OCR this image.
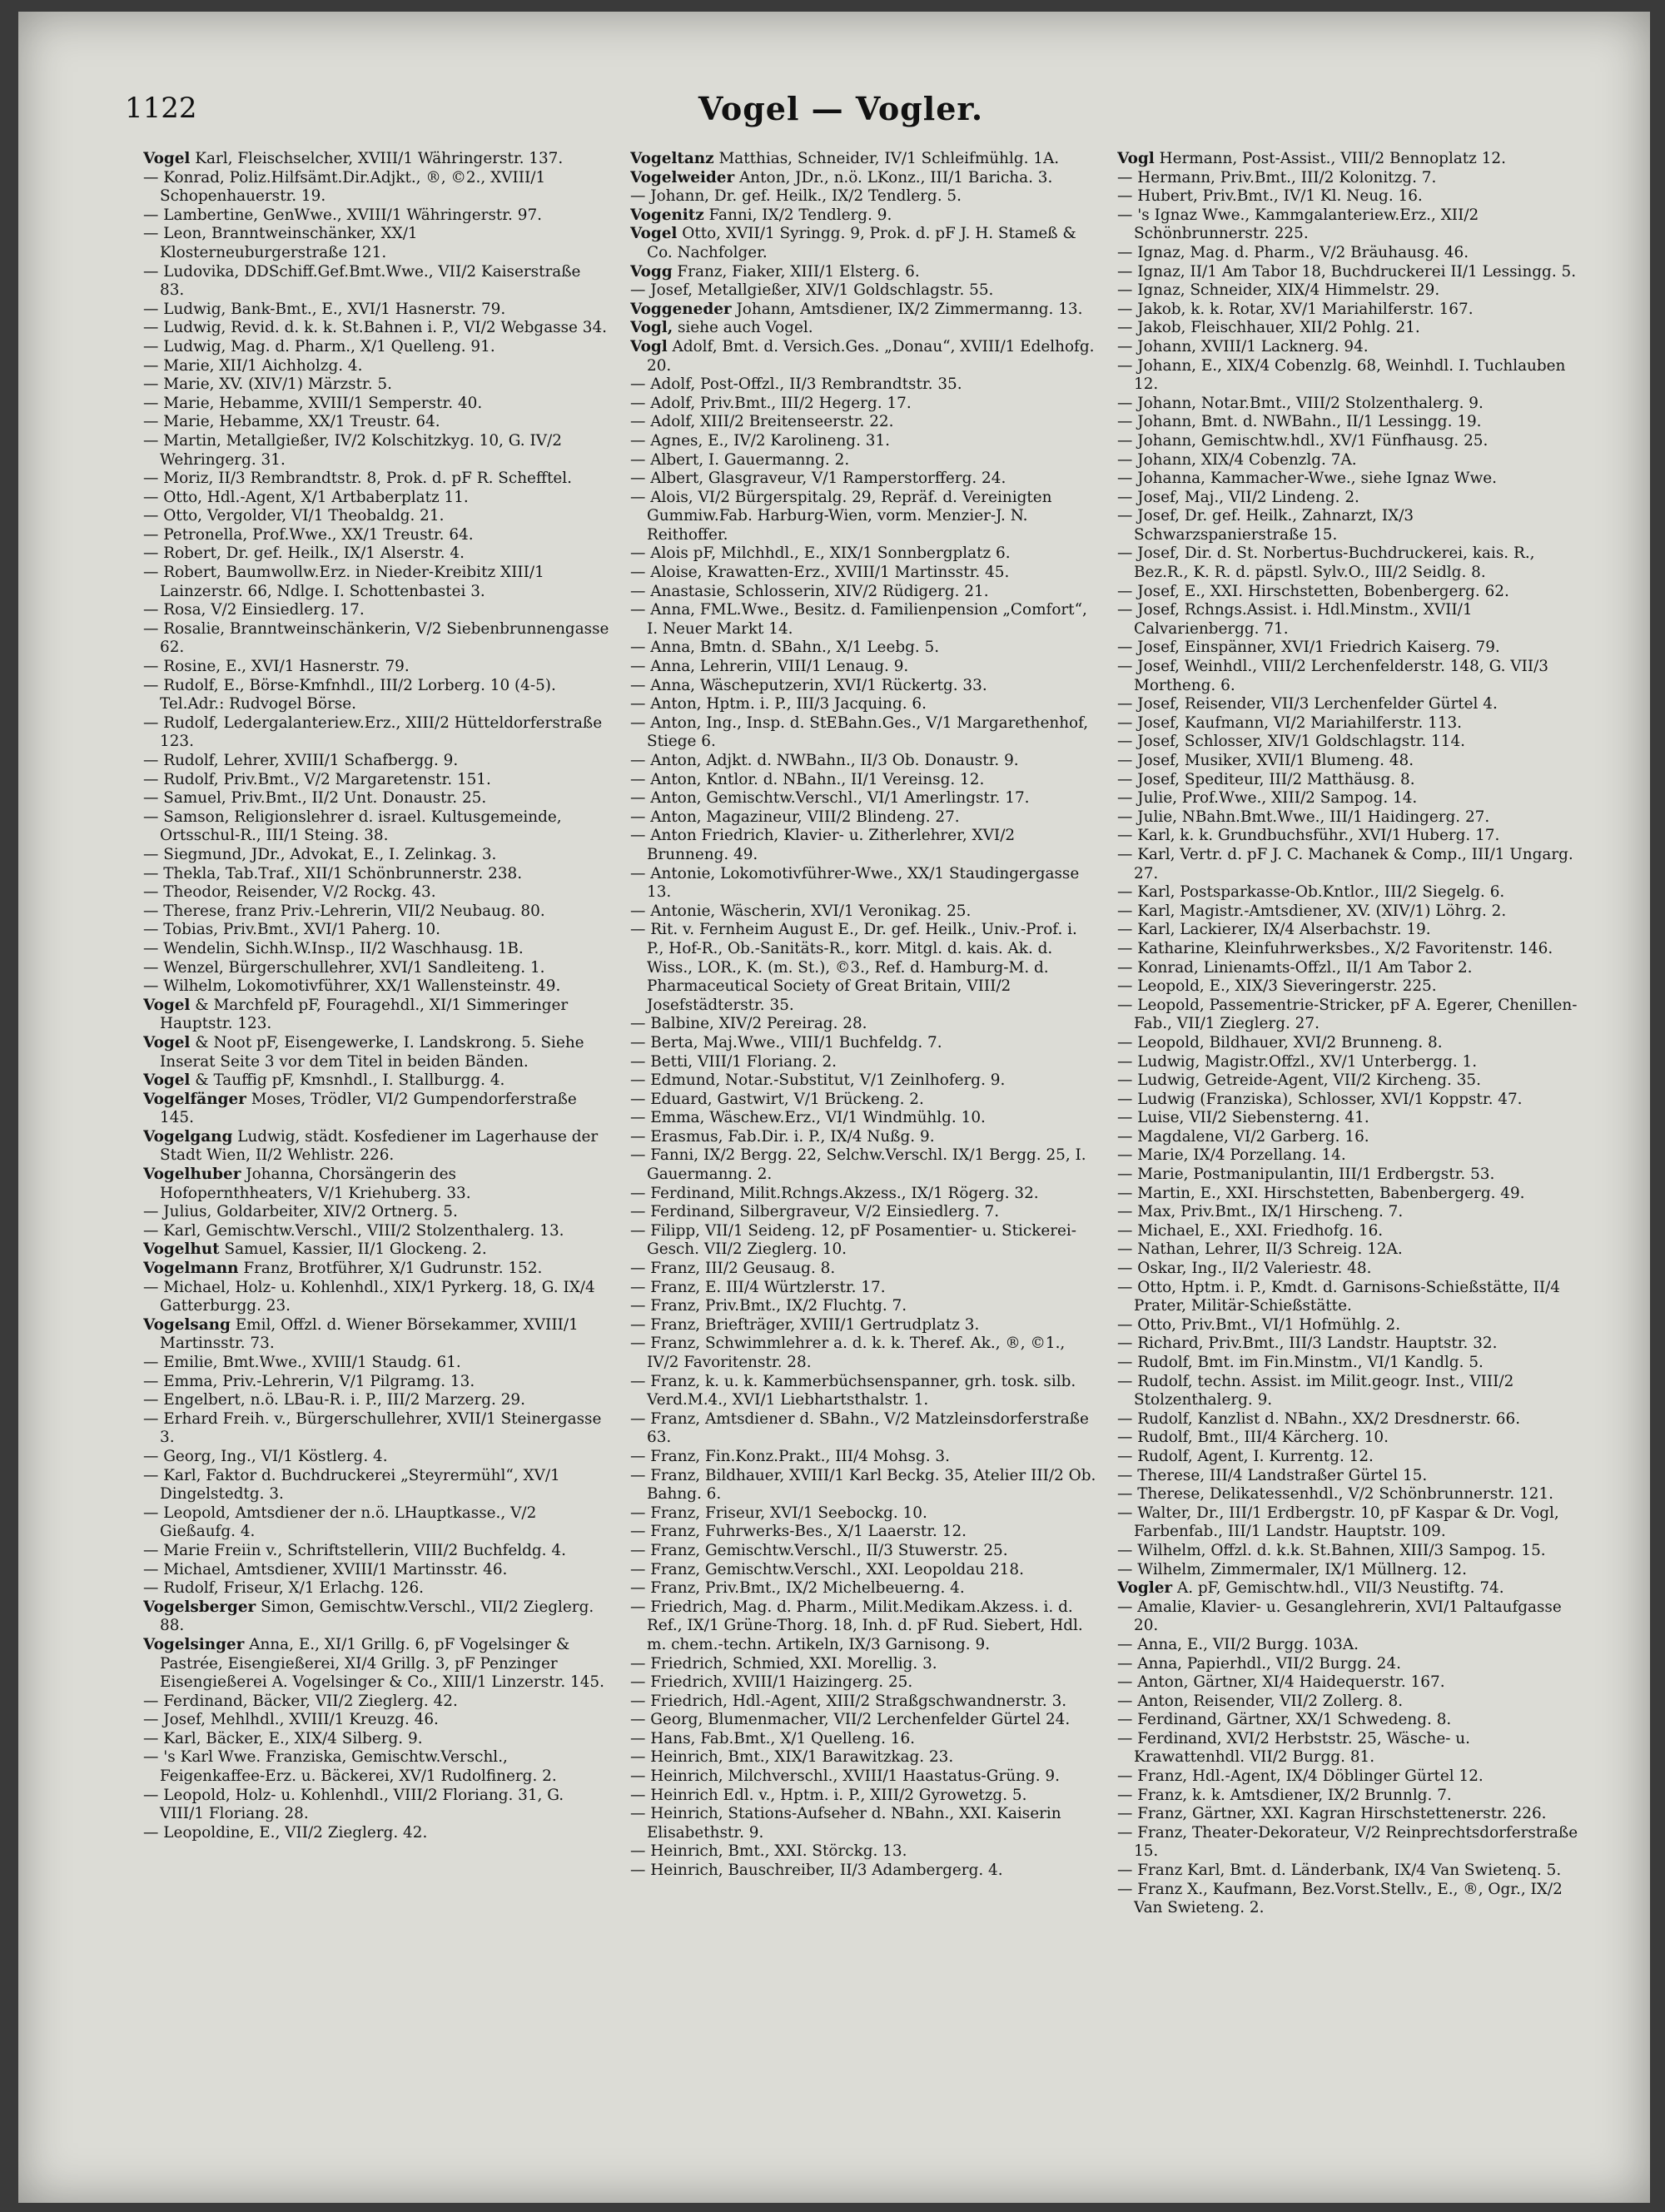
1122	Vogel — Vogler.
Vogel Karl, Fleischselcher, XVIII/1 Währingerstr. 137.
— Konrad, Poliz.Hilfsämt.Dir.Adjkt., ®, ©2., XVIII/1 Schopenhauerstr. 19.
— Lambertine, GenWwe., XVIII/1 Währingerstr. 97.
— Leon, Branntweinschänker, XX/1 Klosterneuburgerstraße 121.
— Ludovika, DDSchiff.Gef.Bmt.Wwe., VII/2 Kaiserstraße 83.
— Ludwig, Bank-Bmt., E., XVI/1 Hasnerstr. 79.
— Ludwig, Revid. d. k. k. St.Bahnen i. P., VI/2 Webgasse 34.
— Ludwig, Mag. d. Pharm., X/1 Quelleng. 91.
— Marie, XII/1 Aichholzg. 4.
— Marie, XV. (XIV/1) Märzstr. 5.
— Marie, Hebamme, XVIII/1 Semperstr. 40.
— Marie, Hebamme, XX/1 Treustr. 64.
— Martin, Metallgießer, IV/2 Kolschitzkyg. 10, G. IV/2 Wehringerg. 31.
— Moriz, II/3 Rembrandtstr. 8, Prok. d. pF R. Schefftel.
— Otto, Hdl.-Agent, X/1 Artbaberplatz 11.
— Otto, Vergolder, VI/1 Theobaldg. 21.
— Petronella, Prof.Wwe., XX/1 Treustr. 64.
— Robert, Dr. gef. Heilk., IX/1 Alserstr. 4.
— Robert, Baumwollw.Erz. in Nieder-Kreibitz XIII/1 Lainzerstr. 66, Ndlge. I. Schottenbastei 3.
— Rosa, V/2 Einsiedlerg. 17.
— Rosalie, Branntweinschänkerin, V/2 Siebenbrunnengasse 62.
— Rosine, E., XVI/1 Hasnerstr. 79.
— Rudolf, E., Börse-Kmfnhdl., III/2 Lorberg. 10 (4-5). Tel.Adr.: Rudvogel Börse.
— Rudolf, Ledergalanteriew.Erz., XIII/2 Hütteldorferstraße 123.
— Rudolf, Lehrer, XVIII/1 Schafbergg. 9.
— Rudolf, Priv.Bmt., V/2 Margaretenstr. 151.
— Samuel, Priv.Bmt., II/2 Unt. Donaustr. 25.
— Samson, Religionslehrer d. israel. Kultusgemeinde, Ortsschul-R., III/1 Steing. 38.
— Siegmund, JDr., Advokat, E., I. Zelinkag. 3.
— Thekla, Tab.Traf., XII/1 Schönbrunnerstr. 238.
— Theodor, Reisender, V/2 Rockg. 43.
— Therese, franz Priv.-Lehrerin, VII/2 Neubaug. 80.
— Tobias, Priv.Bmt., XVI/1 Paherg. 10.
— Wendelin, Sichh.W.Insp., II/2 Waschhausg. 1B.
— Wenzel, Bürgerschullehrer, XVI/1 Sandleiteng. 1.
— Wilhelm, Lokomotivführer, XX/1 Wallensteinstr. 49.
Vogel & Marchfeld pF, Fouragehdl., XI/1 Simmeringer Hauptstr. 123.
Vogel & Noot pF, Eisengewerke, I. Landskrong. 5. Siehe Inserat Seite 3 vor dem Titel in beiden Bänden.
Vogel & Tauffig pF, Kmsnhdl., I. Stallburgg. 4.
Vogelfänger Moses, Trödler, VI/2 Gumpendorferstraße 145.
Vogelgang Ludwig, städt. Kosfediener im Lagerhause der Stadt Wien, II/2 Wehlistr. 226.
Vogelhuber Johanna, Chorsängerin des Hofopernthheaters, V/1 Kriehuberg. 33.
— Julius, Goldarbeiter, XIV/2 Ortnerg. 5.
— Karl, Gemischtw.Verschl., VIII/2 Stolzenthalerg. 13.
Vogelhut Samuel, Kassier, II/1 Glockeng. 2.
Vogelmann Franz, Brotführer, X/1 Gudrunstr. 152.
— Michael, Holz- u. Kohlenhdl., XIX/1 Pyrkerg. 18, G. IX/4 Gatterburgg. 23.
Vogelsang Emil, Offzl. d. Wiener Börsekammer, XVIII/1 Martinsstr. 73.
— Emilie, Bmt.Wwe., XVIII/1 Staudg. 61.
— Emma, Priv.-Lehrerin, V/1 Pilgramg. 13.
— Engelbert, n.ö. LBau-R. i. P., III/2 Marzerg. 29.
— Erhard Freih. v., Bürgerschullehrer, XVII/1 Steinergasse 3.
— Georg, Ing., VI/1 Köstlerg. 4.
— Karl, Faktor d. Buchdruckerei „Steyrermühl“, XV/1 Dingelstedtg. 3.
— Leopold, Amtsdiener der n.ö. LHauptkasse., V/2 Gießaufg. 4.
— Marie Freiin v., Schriftstellerin, VIII/2 Buchfeldg. 4.
— Michael, Amtsdiener, XVIII/1 Martinsstr. 46.
— Rudolf, Friseur, X/1 Erlachg. 126.
Vogelsberger Simon, Gemischtw.Verschl., VII/2 Zieglerg. 88.
Vogelsinger Anna, E., XI/1 Grillg. 6, pF Vogelsinger & Pastrée, Eisengießerei, XI/4 Grillg. 3, pF Penzinger Eisengießerei A. Vogelsinger & Co., XIII/1 Linzerstr. 145.
— Ferdinand, Bäcker, VII/2 Zieglerg. 42.
— Josef, Mehlhdl., XVIII/1 Kreuzg. 46.
— Karl, Bäcker, E., XIX/4 Silberg. 9.
— 's Karl Wwe. Franziska, Gemischtw.Verschl., Feigenkaffee-Erz. u. Bäckerei, XV/1 Rudolfinerg. 2.
— Leopold, Holz- u. Kohlenhdl., VIII/2 Floriang. 31, G. VIII/1 Floriang. 28.
— Leopoldine, E., VII/2 Zieglerg. 42.
Vogeltanz Matthias, Schneider, IV/1 Schleifmühlg. 1A.
Vogelweider Anton, JDr., n.ö. LKonz., III/1 Baricha. 3.
— Johann, Dr. gef. Heilk., IX/2 Tendlerg. 5.
Vogenitz Fanni, IX/2 Tendlerg. 9.
Vogel Otto, XVII/1 Syringg. 9, Prok. d. pF J. H. Stameß & Co. Nachfolger.
Vogg Franz, Fiaker, XIII/1 Elsterg. 6.
— Josef, Metallgießer, XIV/1 Goldschlagstr. 55.
Voggeneder Johann, Amtsdiener, IX/2 Zimmermanng. 13.
Vogl, siehe auch Vogel.
Vogl Adolf, Bmt. d. Versich.Ges. „Donau“, XVIII/1 Edelhofg. 20.
— Adolf, Post-Offzl., II/3 Rembrandtstr. 35.
— Adolf, Priv.Bmt., III/2 Hegerg. 17.
— Adolf, XIII/2 Breitenseerstr. 22.
— Agnes, E., IV/2 Karolineng. 31.
— Albert, I. Gauermanng. 2.
— Albert, Glasgraveur, V/1 Ramperstorfferg. 24.
— Alois, VI/2 Bürgerspitalg. 29, Repräf. d. Vereinigten Gummiw.Fab. Harburg-Wien, vorm. Menzier-J. N. Reithoffer.
— Alois pF, Milchhdl., E., XIX/1 Sonnbergplatz 6.
— Aloise, Krawatten-Erz., XVIII/1 Martinsstr. 45.
— Anastasie, Schlosserin, XIV/2 Rüdigerg. 21.
— Anna, FML.Wwe., Besitz. d. Familienpension „Comfort“, I. Neuer Markt 14.
— Anna, Bmtn. d. SBahn., X/1 Leebg. 5.
— Anna, Lehrerin, VIII/1 Lenaug. 9.
— Anna, Wäscheputzerin, XVI/1 Rückertg. 33.
— Anton, Hptm. i. P., III/3 Jacquing. 6.
— Anton, Ing., Insp. d. StEBahn.Ges., V/1 Margarethenhof, Stiege 6.
— Anton, Adjkt. d. NWBahn., II/3 Ob. Donaustr. 9.
— Anton, Kntlor. d. NBahn., II/1 Vereinsg. 12.
— Anton, Gemischtw.Verschl., VI/1 Amerlingstr. 17.
— Anton, Magazineur, VIII/2 Blindeng. 27.
— Anton Friedrich, Klavier- u. Zitherlehrer, XVI/2 Brunneng. 49.
— Antonie, Lokomotivführer-Wwe., XX/1 Staudingergasse 13.
— Antonie, Wäscherin, XVI/1 Veronikag. 25.
— Rit. v. Fernheim August E., Dr. gef. Heilk., Univ.-Prof. i. P., Hof-R., Ob.-Sanitäts-R., korr. Mitgl. d. kais. Ak. d. Wiss., LOR., K. (m. St.), ©3., Ref. d. Hamburg-M. d. Pharmaceutical Society of Great Britain, VIII/2 Josefstädterstr. 35.
— Balbine, XIV/2 Pereirag. 28.
— Berta, Maj.Wwe., VIII/1 Buchfeldg. 7.
— Betti, VIII/1 Floriang. 2.
— Edmund, Notar.-Substitut, V/1 Zeinlhoferg. 9.
— Eduard, Gastwirt, V/1 Brückeng. 2.
— Emma, Wäschew.Erz., VI/1 Windmühlg. 10.
— Erasmus, Fab.Dir. i. P., IX/4 Nußg. 9.
— Fanni, IX/2 Bergg. 22, Selchw.Verschl. IX/1 Bergg. 25, I. Gauermanng. 2.
— Ferdinand, Milit.Rchngs.Akzess., IX/1 Rögerg. 32.
— Ferdinand, Silbergraveur, V/2 Einsiedlerg. 7.
— Filipp, VII/1 Seideng. 12, pF Posamentier- u. Stickerei-Gesch. VII/2 Zieglerg. 10.
— Franz, III/2 Geusaug. 8.
— Franz, E. III/4 Würtzlerstr. 17.
— Franz, Priv.Bmt., IX/2 Fluchtg. 7.
— Franz, Briefträger, XVIII/1 Gertrudplatz 3.
— Franz, Schwimmlehrer a. d. k. k. Theref. Ak., ®, ©1., IV/2 Favoritenstr. 28.
— Franz, k. u. k. Kammerbüchsenspanner, grh. tosk. silb. Verd.M.4., XVI/1 Liebhartsthalstr. 1.
— Franz, Amtsdiener d. SBahn., V/2 Matzleinsdorferstraße 63.
— Franz, Fin.Konz.Prakt., III/4 Mohsg. 3.
— Franz, Bildhauer, XVIII/1 Karl Beckg. 35, Atelier III/2 Ob. Bahng. 6.
— Franz, Friseur, XVI/1 Seebockg. 10.
— Franz, Fuhrwerks-Bes., X/1 Laaerstr. 12.
— Franz, Gemischtw.Verschl., II/3 Stuwerstr. 25.
— Franz, Gemischtw.Verschl., XXI. Leopoldau 218.
— Franz, Priv.Bmt., IX/2 Michelbeuerng. 4.
— Friedrich, Mag. d. Pharm., Milit.Medikam.Akzess. i. d. Ref., IX/1 Grüne-Thorg. 18, Inh. d. pF Rud. Siebert, Hdl. m. chem.-techn. Artikeln, IX/3 Garnisong. 9.
— Friedrich, Schmied, XXI. Morellig. 3.
— Friedrich, XVIII/1 Haizingerg. 25.
— Friedrich, Hdl.-Agent, XIII/2 Straßgschwandnerstr. 3.
— Georg, Blumenmacher, VII/2 Lerchenfelder Gürtel 24.
— Hans, Fab.Bmt., X/1 Quelleng. 16.
— Heinrich, Bmt., XIX/1 Barawitzkag. 23.
— Heinrich, Milchverschl., XVIII/1 Haastatus-Grüng. 9.
— Heinrich Edl. v., Hptm. i. P., XIII/2 Gyrowetzg. 5.
— Heinrich, Stations-Aufseher d. NBahn., XXI. Kaiserin Elisabethstr. 9.
— Heinrich, Bmt., XXI. Störckg. 13.
— Heinrich, Bauschreiber, II/3 Adambergerg. 4.
Vogl Hermann, Post-Assist., VIII/2 Bennoplatz 12.
— Hermann, Priv.Bmt., III/2 Kolonitzg. 7.
— Hubert, Priv.Bmt., IV/1 Kl. Neug. 16.
— 's Ignaz Wwe., Kammgalanteriew.Erz., XII/2 Schönbrunnerstr. 225.
— Ignaz, Mag. d. Pharm., V/2 Bräuhausg. 46.
— Ignaz, II/1 Am Tabor 18, Buchdruckerei II/1 Lessingg. 5.
— Ignaz, Schneider, XIX/4 Himmelstr. 29.
— Jakob, k. k. Rotar, XV/1 Mariahilferstr. 167.
— Jakob, Fleischhauer, XII/2 Pohlg. 21.
— Johann, XVIII/1 Lacknerg. 94.
— Johann, E., XIX/4 Cobenzlg. 68, Weinhdl. I. Tuchlauben 12.
— Johann, Notar.Bmt., VIII/2 Stolzenthalerg. 9.
— Johann, Bmt. d. NWBahn., II/1 Lessingg. 19.
— Johann, Gemischtw.hdl., XV/1 Fünfhausg. 25.
— Johann, XIX/4 Cobenzlg. 7A.
— Johanna, Kammacher-Wwe., siehe Ignaz Wwe.
— Josef, Maj., VII/2 Lindeng. 2.
— Josef, Dr. gef. Heilk., Zahnarzt, IX/3 Schwarzspanierstraße 15.
— Josef, Dir. d. St. Norbertus-Buchdruckerei, kais. R., Bez.R., K. R. d. päpstl. Sylv.O., III/2 Seidlg. 8.
— Josef, E., XXI. Hirschstetten, Bobenbergerg. 62.
— Josef, Rchngs.Assist. i. Hdl.Minstm., XVII/1 Calvarienbergg. 71.
— Josef, Einspänner, XVI/1 Friedrich Kaiserg. 79.
— Josef, Weinhdl., VIII/2 Lerchenfelderstr. 148, G. VII/3 Mortheng. 6.
— Josef, Reisender, VII/3 Lerchenfelder Gürtel 4.
— Josef, Kaufmann, VI/2 Mariahilferstr. 113.
— Josef, Schlosser, XIV/1 Goldschlagstr. 114.
— Josef, Musiker, XVII/1 Blumeng. 48.
— Josef, Spediteur, III/2 Matthäusg. 8.
— Julie, Prof.Wwe., XIII/2 Sampog. 14.
— Julie, NBahn.Bmt.Wwe., III/1 Haidingerg. 27.
— Karl, k. k. Grundbuchsführ., XVI/1 Huberg. 17.
— Karl, Vertr. d. pF J. C. Machanek & Comp., III/1 Ungarg. 27.
— Karl, Postsparkasse-Ob.Kntlor., III/2 Siegelg. 6.
— Karl, Magistr.-Amtsdiener, XV. (XIV/1) Löhrg. 2.
— Karl, Lackierer, IX/4 Alserbachstr. 19.
— Katharine, Kleinfuhrwerksbes., X/2 Favoritenstr. 146.
— Konrad, Linienamts-Offzl., II/1 Am Tabor 2.
— Leopold, E., XIX/3 Sieveringerstr. 225.
— Leopold, Passementrie-Stricker, pF A. Egerer, Chenillen-Fab., VII/1 Zieglerg. 27.
— Leopold, Bildhauer, XVI/2 Brunneng. 8.
— Ludwig, Magistr.Offzl., XV/1 Unterbergg. 1.
— Ludwig, Getreide-Agent, VII/2 Kircheng. 35.
— Ludwig (Franziska), Schlosser, XVI/1 Koppstr. 47.
— Luise, VII/2 Siebensterng. 41.
— Magdalene, VI/2 Garberg. 16.
— Marie, IX/4 Porzellang. 14.
— Marie, Postmanipulantin, III/1 Erdbergstr. 53.
— Martin, E., XXI. Hirschstetten, Babenbergerg. 49.
— Max, Priv.Bmt., IX/1 Hirscheng. 7.
— Michael, E., XXI. Friedhofg. 16.
— Nathan, Lehrer, II/3 Schreig. 12A.
— Oskar, Ing., II/2 Valeriestr. 48.
— Otto, Hptm. i. P., Kmdt. d. Garnisons-Schießstätte, II/4 Prater, Militär-Schießstätte.
— Otto, Priv.Bmt., VI/1 Hofmühlg. 2.
— Richard, Priv.Bmt., III/3 Landstr. Hauptstr. 32.
— Rudolf, Bmt. im Fin.Minstm., VI/1 Kandlg. 5.
— Rudolf, techn. Assist. im Milit.geogr. Inst., VIII/2 Stolzenthalerg. 9.
— Rudolf, Kanzlist d. NBahn., XX/2 Dresdnerstr. 66.
— Rudolf, Bmt., III/4 Kärcherg. 10.
— Rudolf, Agent, I. Kurrentg. 12.
— Therese, III/4 Landstraßer Gürtel 15.
— Therese, Delikatessenhdl., V/2 Schönbrunnerstr. 121.
— Walter, Dr., III/1 Erdbergstr. 10, pF Kaspar & Dr. Vogl, Farbenfab., III/1 Landstr. Hauptstr. 109.
— Wilhelm, Offzl. d. k.k. St.Bahnen, XIII/3 Sampog. 15.
— Wilhelm, Zimmermaler, IX/1 Müllnerg. 12.
Vogler A. pF, Gemischtw.hdl., VII/3 Neustiftg. 74.
— Amalie, Klavier- u. Gesanglehrerin, XVI/1 Paltaufgasse 20.
— Anna, E., VII/2 Burgg. 103A.
— Anna, Papierhdl., VII/2 Burgg. 24.
— Anton, Gärtner, XI/4 Haidequerstr. 167.
— Anton, Reisender, VII/2 Zollerg. 8.
— Ferdinand, Gärtner, XX/1 Schwedeng. 8.
— Ferdinand, XVI/2 Herbststr. 25, Wäsche- u. Krawattenhdl. VII/2 Burgg. 81.
— Franz, Hdl.-Agent, IX/4 Döblinger Gürtel 12.
— Franz, k. k. Amtsdiener, IX/2 Brunnlg. 7.
— Franz, Gärtner, XXI. Kagran Hirschstettenerstr. 226.
— Franz, Theater-Dekorateur, V/2 Reinprechtsdorferstraße 15.
— Franz Karl, Bmt. d. Länderbank, IX/4 Van Swietenq. 5.
— Franz X., Kaufmann, Bez.Vorst.Stellv., E., ®, Ogr., IX/2 Van Swieteng. 2.
